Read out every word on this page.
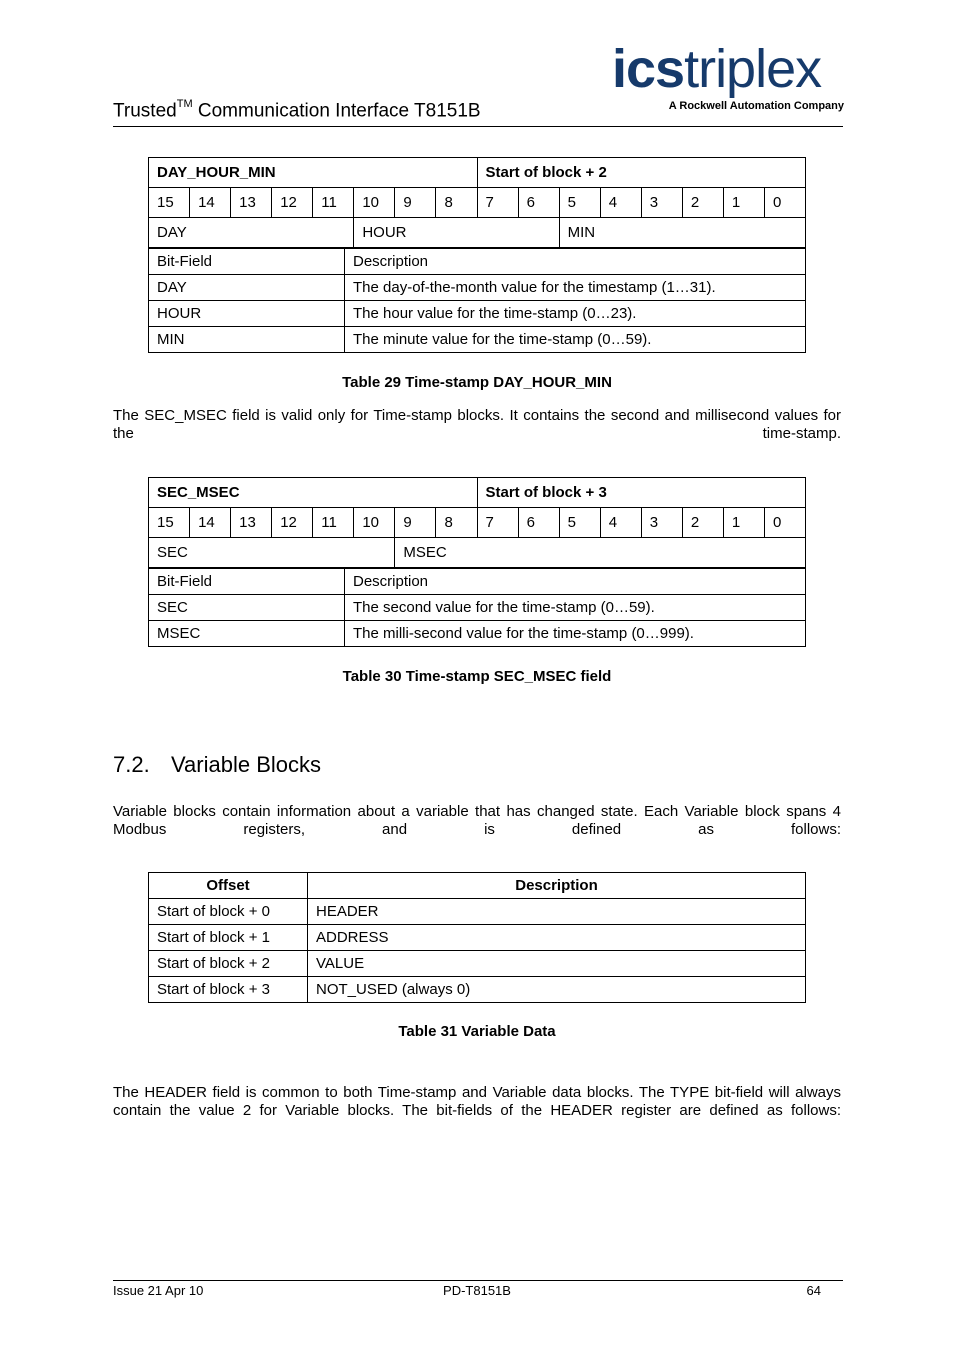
Trusted™ Communication Interface T8151B
icstriplex
A Rockwell Automation Company
DAY_HOUR_MIN								Start of block + 2							
15	14	13	12	11	10	9	8	7	6	5	4	3	2	1	0
DAY					HOUR					MIN					
Bit-Field	Description
DAY	The day-of-the-month value for the timestamp (1…31).
HOUR	The hour value for the time-stamp (0…23).
MIN	The minute value for the time-stamp (0…59).
Table 29 Time-stamp DAY_HOUR_MIN
The SEC_MSEC field is valid only for Time-stamp blocks. It contains the second and millisecond values for the time-stamp.
SEC_MSEC								Start of block + 3							
15	14	13	12	11	10	9	8	7	6	5	4	3	2	1	0
SEC						MSEC									
Bit-Field	Description
SEC	The second value for the time-stamp (0…59).
MSEC	The milli-second value for the time-stamp (0…999).
Table 30 Time-stamp SEC_MSEC field
7.2. Variable Blocks
Variable blocks contain information about a variable that has changed state. Each Variable block spans 4 Modbus registers, and is defined as follows:
Offset	Description
Start of block + 0	HEADER
Start of block + 1	ADDRESS
Start of block + 2	VALUE
Start of block + 3	NOT_USED (always 0)
Table 31 Variable Data
The HEADER field is common to both Time-stamp and Variable data blocks. The TYPE bit-field will always contain the value 2 for Variable blocks. The bit-fields of the HEADER register are defined as follows:
Issue 21 Apr 10	PD-T8151B	64
